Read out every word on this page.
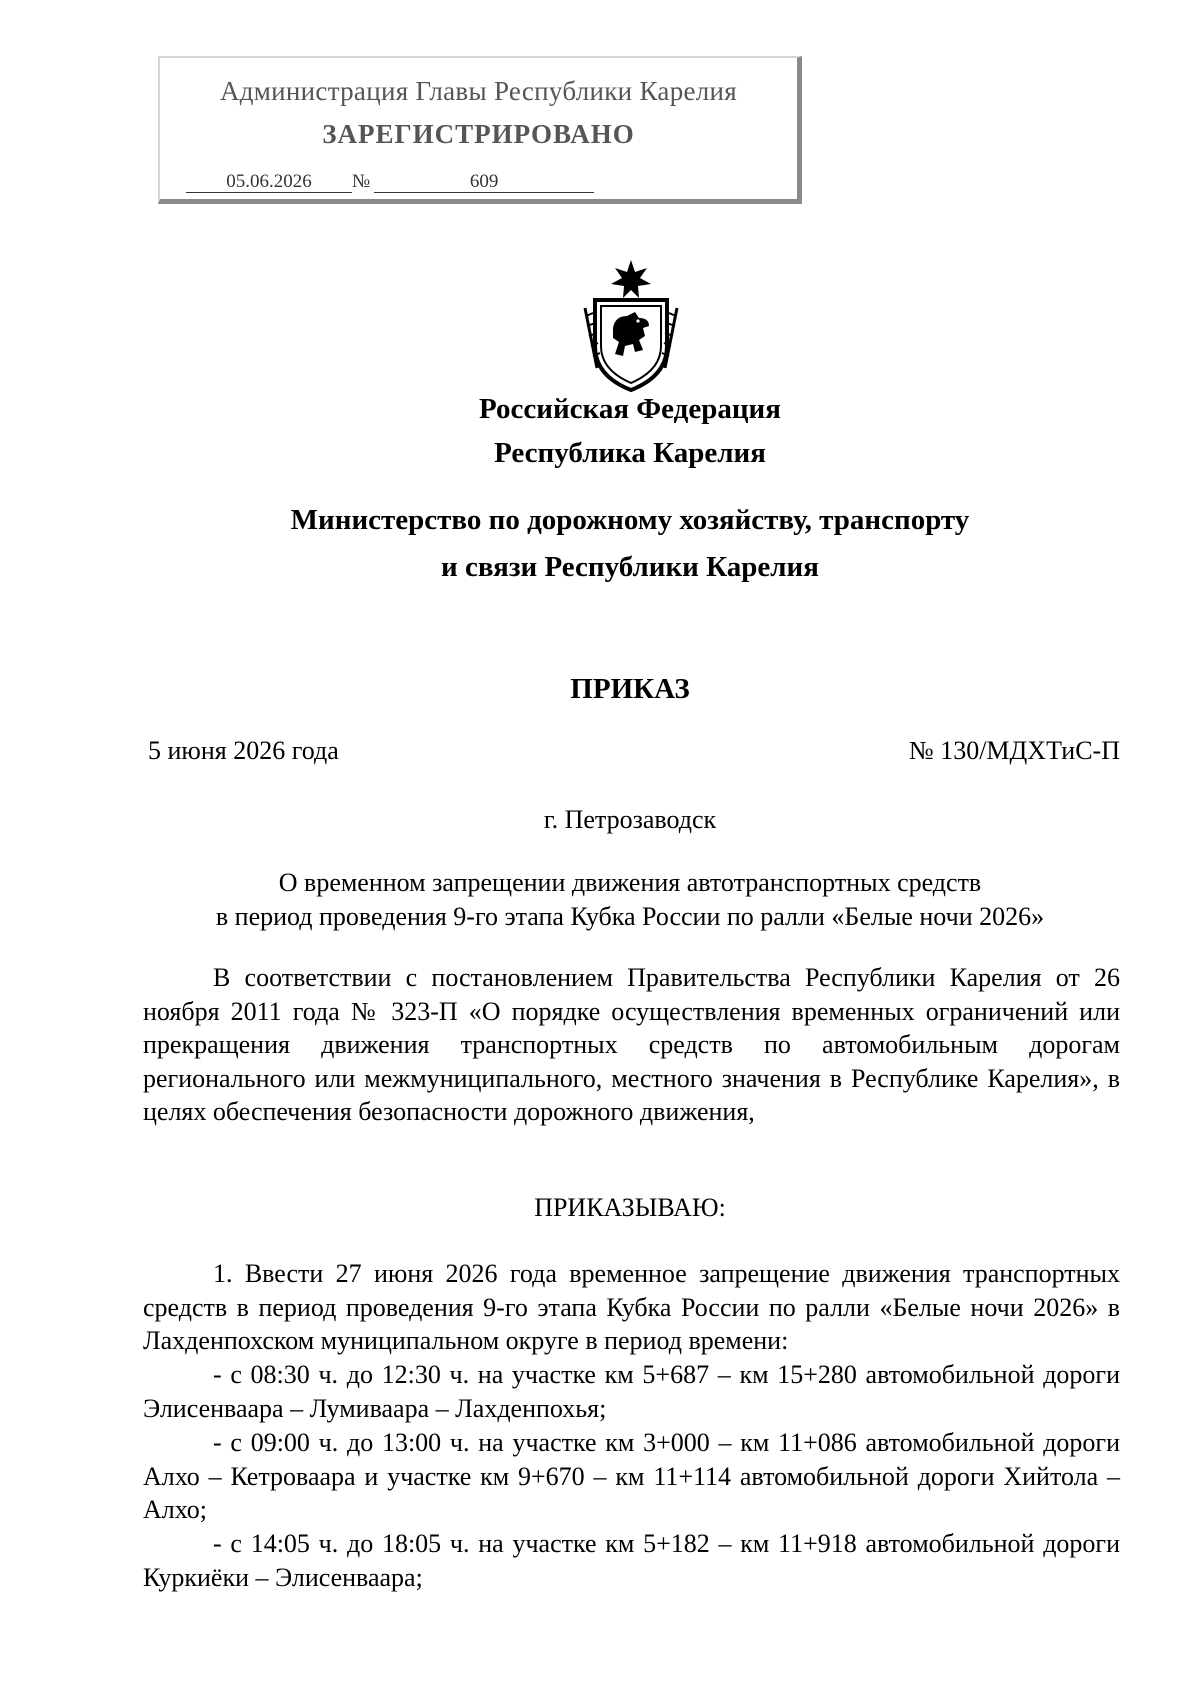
Администрация Главы Республики Карелия
ЗАРЕГИСТРИРОВАНО
05.06.2026 №	609
Российская Федерация
Республика Карелия
Министерство по дорожному хозяйству, транспорту
и связи Республики Карелия
ПРИКАЗ
5 июня 2026 года	№ 130/МДХТиС-П
г. Петрозаводск
О временном запрещении движения автотранспортных средств
в период проведения 9-го этапа Кубка России по ралли «Белые ночи 2026»
В соответствии с постановлением Правительства Республики Карелия от 26 ноября 2011 года № 323-П «О порядке осуществления временных ограничений или прекращения движения транспортных средств по автомобильным дорогам регионального или межмуниципального, местного значения в Республике Карелия», в целях обеспечения безопасности дорожного движения,
ПРИКАЗЫВАЮ:
1. Ввести 27 июня 2026 года временное запрещение движения транспортных средств в период проведения 9-го этапа Кубка России по ралли «Белые ночи 2026» в Лахденпохском муниципальном округе в период времени:
- с 08:30 ч. до 12:30 ч. на участке км 5+687 – км 15+280 автомобильной дороги Элисенваара – Лумиваара – Лахденпохья;
- с 09:00 ч. до 13:00 ч. на участке км 3+000 – км 11+086 автомобильной дороги Алхо – Кетроваара и участке км 9+670 – км 11+114 автомобильной дороги Хийтола – Алхо;
- с 14:05 ч. до 18:05 ч. на участке км 5+182 – км 11+918 автомобильной дороги Куркиёки – Элисенваара;
